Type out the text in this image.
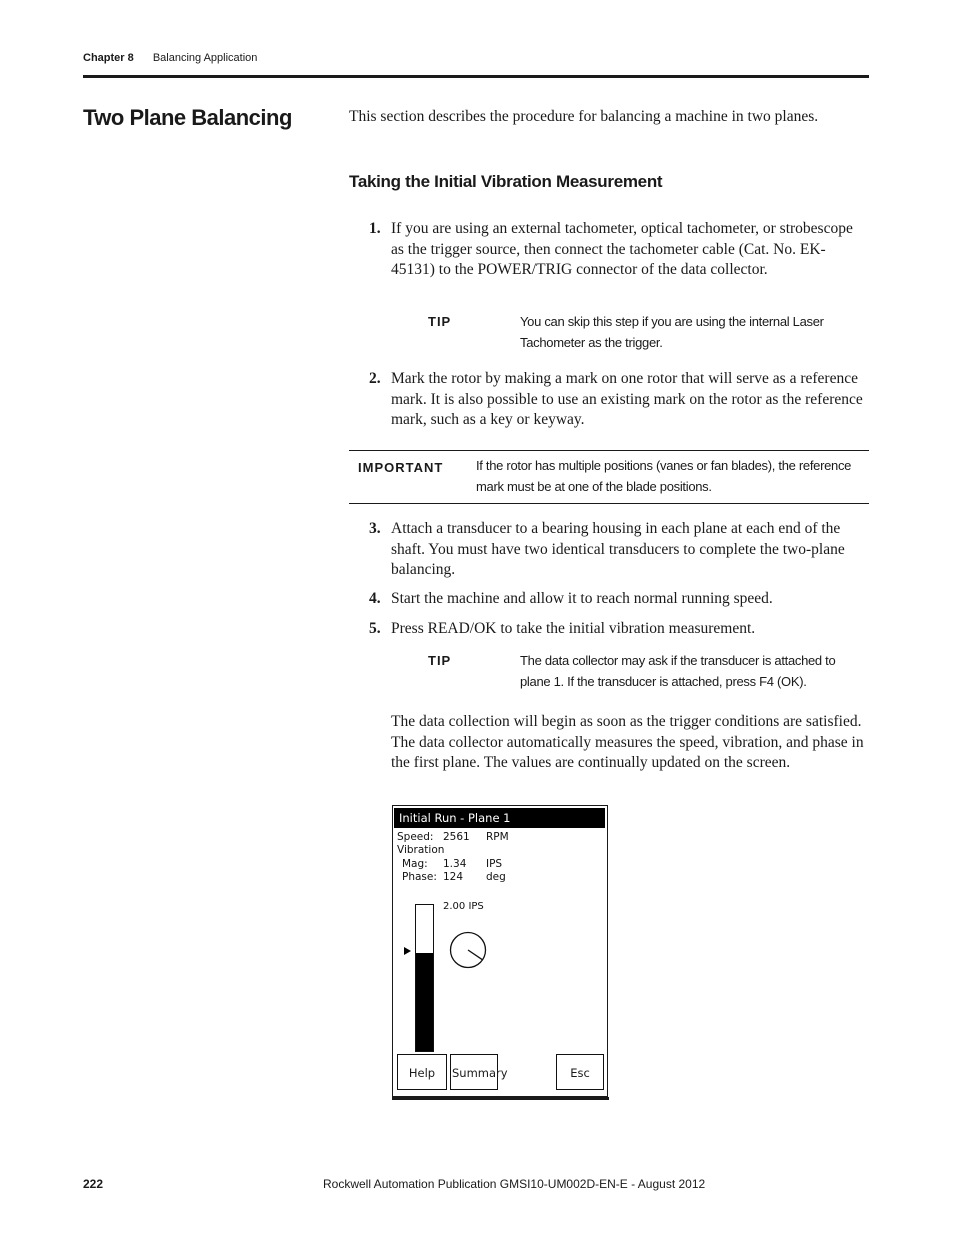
Chapter 8 Balancing Application
Two Plane Balancing	This section describes the procedure for balancing a machine in two planes.
Taking the Initial Vibration Measurement
1. If you are using an external tachometer, optical tachometer, or strobescope as the trigger source, then connect the tachometer cable (Cat. No. EK- 45131) to the POWER/TRIG connector of the data collector.
TIP	You can skip this step if you are using the internal Laser Tachometer as the trigger.
2. Mark the rotor by making a mark on one rotor that will serve as a reference mark. It is also possible to use an existing mark on the rotor as the reference mark, such as a key or keyway.
IMPORTANT	If the rotor has multiple positions (vanes or fan blades), the reference mark must be at one of the blade positions.
3. Attach a transducer to a bearing housing in each plane at each end of the shaft. You must have two identical transducers to complete the two-plane balancing.
4. Start the machine and allow it to reach normal running speed.
5. Press READ/OK to take the initial vibration measurement.
TIP	The data collector may ask if the transducer is attached to plane 1. If the transducer is attached, press F4 (OK).
The data collection will begin as soon as the trigger conditions are satisfied. The data collector automatically measures the speed, vibration, and phase in the first plane. The values are continually updated on the screen.
Initial Run - Plane 1
Speed: 2561 RPM
Vibration
Mag: 1.34 IPS
Phase: 124 deg
2.00 IPS
Help	Summary	Esc
222	Rockwell Automation Publication GMSI10-UM002D-EN-E - August 2012
